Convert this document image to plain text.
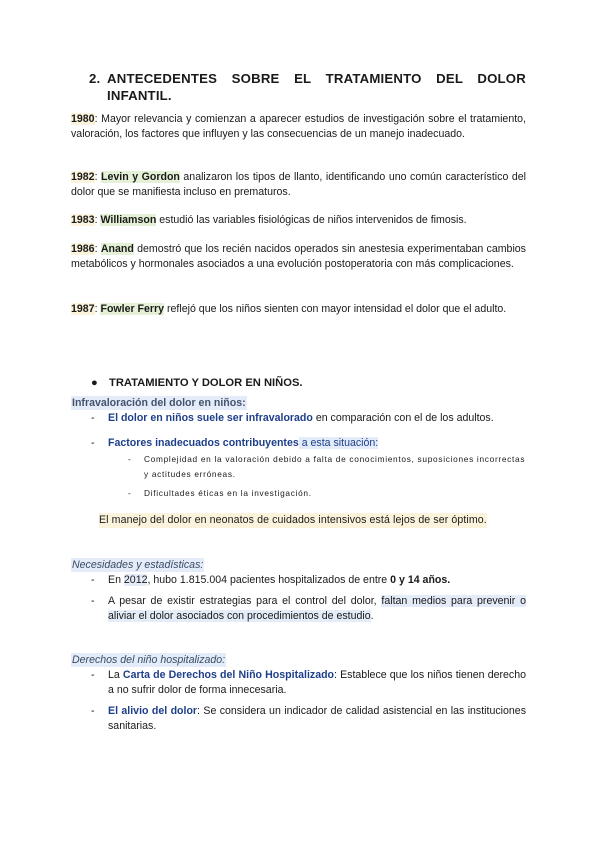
2. ANTECEDENTES SOBRE EL TRATAMIENTO DEL DOLOR INFANTIL.
1980: Mayor relevancia y comienzan a aparecer estudios de investigación sobre el tratamiento, valoración, los factores que influyen y las consecuencias de un manejo inadecuado.
1982: Levin y Gordon analizaron los tipos de llanto, identificando uno común característico del dolor que se manifiesta incluso en prematuros.
1983: Williamson estudió las variables fisiológicas de niños intervenidos de fimosis.
1986: Anand demostró que los recién nacidos operados sin anestesia experimentaban cambios metabólicos y hormonales asociados a una evolución postoperatoria con más complicaciones.
1987: Fowler Ferry reflejó que los niños sienten con mayor intensidad el dolor que el adulto.
● TRATAMIENTO Y DOLOR EN NIÑOS.
Infravaloración del dolor en niños:
- El dolor en niños suele ser infravalorado en comparación con el de los adultos.
- Factores inadecuados contribuyentes a esta situación:
- Complejidad en la valoración debido a falta de conocimientos, suposiciones incorrectas y actitudes erróneas.
- Dificultades éticas en la investigación.
El manejo del dolor en neonatos de cuidados intensivos está lejos de ser óptimo.
Necesidades y estadísticas:
- En 2012, hubo 1.815.004 pacientes hospitalizados de entre 0 y 14 años.
- A pesar de existir estrategias para el control del dolor, faltan medios para prevenir o aliviar el dolor asociados con procedimientos de estudio.
Derechos del niño hospitalizado:
- La Carta de Derechos del Niño Hospitalizado: Establece que los niños tienen derecho a no sufrir dolor de forma innecesaria.
- El alivio del dolor: Se considera un indicador de calidad asistencial en las instituciones sanitarias.
